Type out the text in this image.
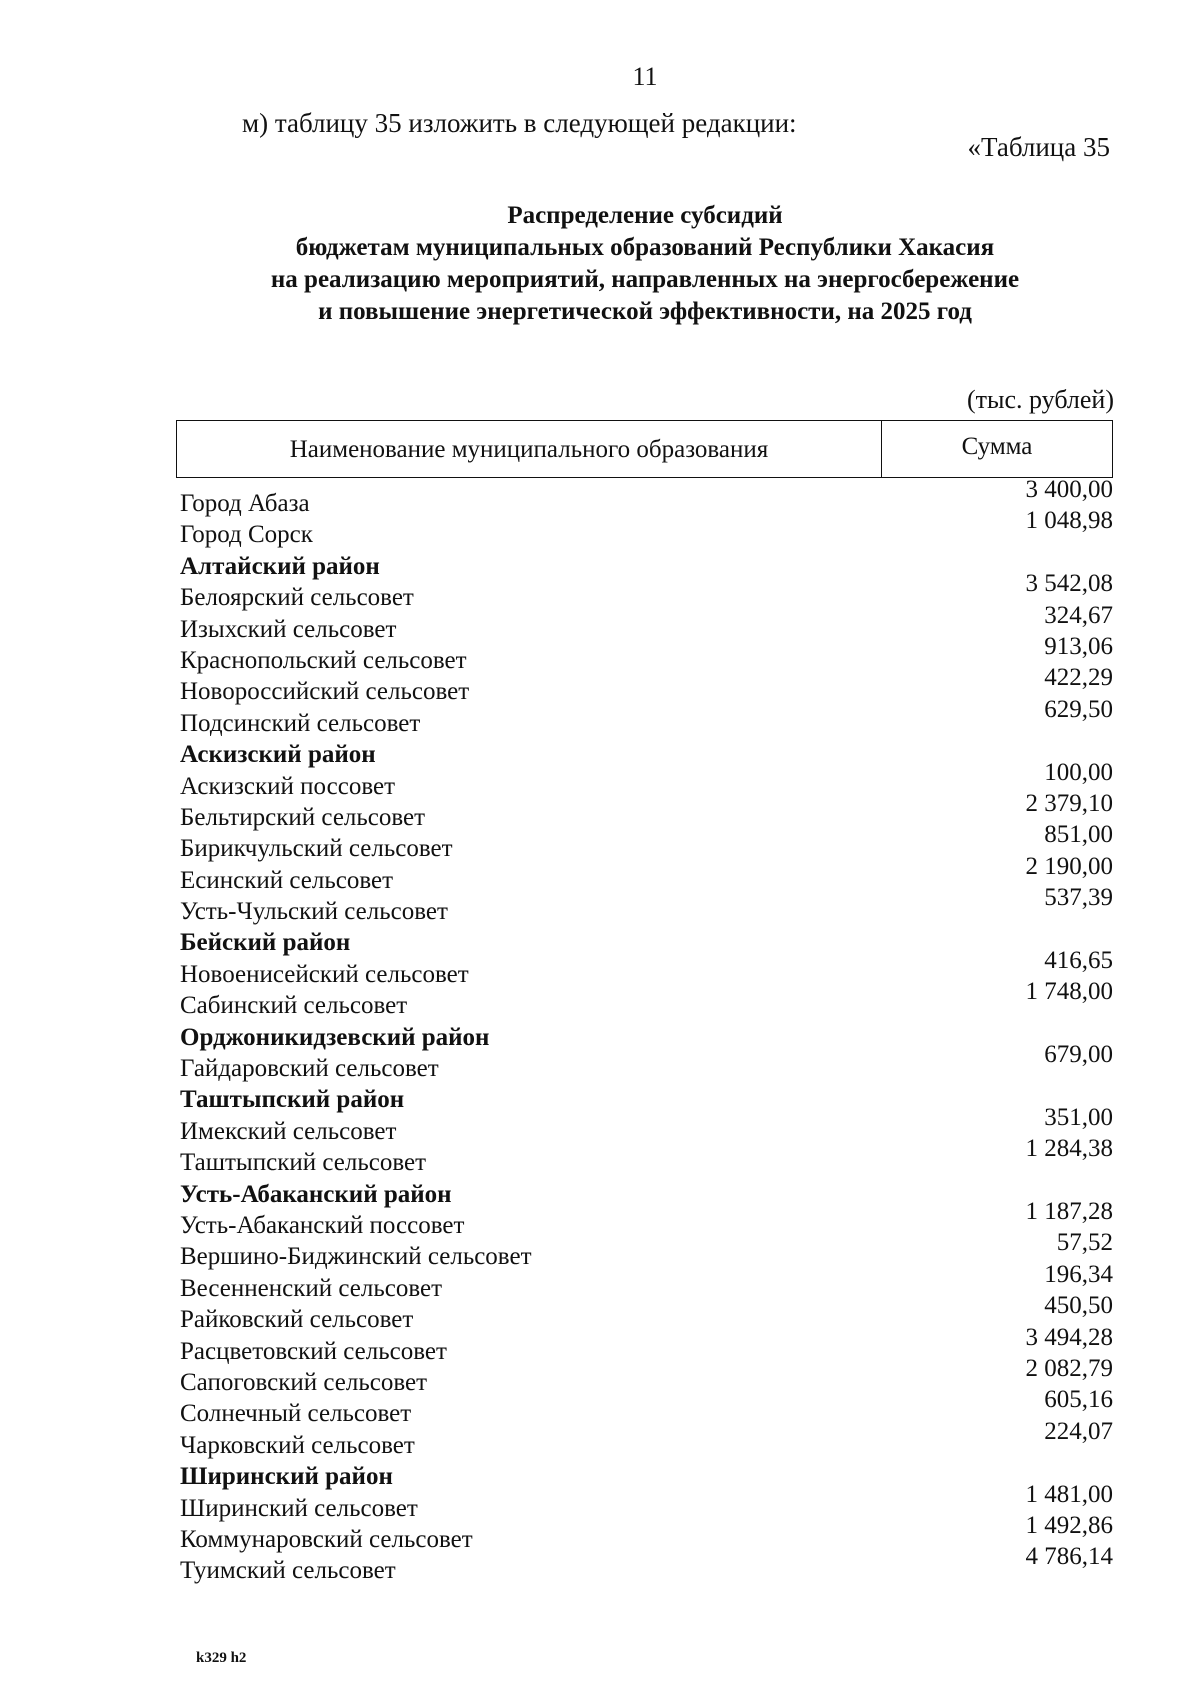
11
м) таблицу 35 изложить в следующей редакции:
«Таблица 35
Распределение субсидий
бюджетам муниципальных образований Республики Хакасия
на реализацию мероприятий, направленных на энергосбережение
и повышение энергетической эффективности, на 2025 год
(тыс. рублей)
Наименование муниципального образования	Сумма
Город Абаза
3 400,00
Город Сорск
1 048,98
Алтайский район
Белоярский сельсовет
3 542,08
Изыхский сельсовет
324,67
Краснопольский сельсовет
913,06
Новороссийский сельсовет
422,29
Подсинский сельсовет
629,50
Аскизский район
Аскизский поссовет
100,00
Бельтирский сельсовет
2 379,10
Бирикчульский сельсовет
851,00
Есинский сельсовет
2 190,00
Усть-Чульский сельсовет
537,39
Бейский район
Новоенисейский сельсовет
416,65
Сабинский сельсовет
1 748,00
Орджоникидзевский район
Гайдаровский сельсовет
679,00
Таштыпский район
Имекский сельсовет
351,00
Таштыпский сельсовет
1 284,38
Усть-Абаканский район
Усть-Абаканский поссовет
1 187,28
Вершино-Биджинский сельсовет
57,52
Весенненский сельсовет
196,34
Райковский сельсовет
450,50
Расцветовский сельсовет
3 494,28
Сапоговский сельсовет
2 082,79
Солнечный сельсовет
605,16
Чарковский сельсовет
224,07
Ширинский район
Ширинский сельсовет
1 481,00
Коммунаровский сельсовет
1 492,86
Туимский сельсовет
4 786,14
k329 h2
